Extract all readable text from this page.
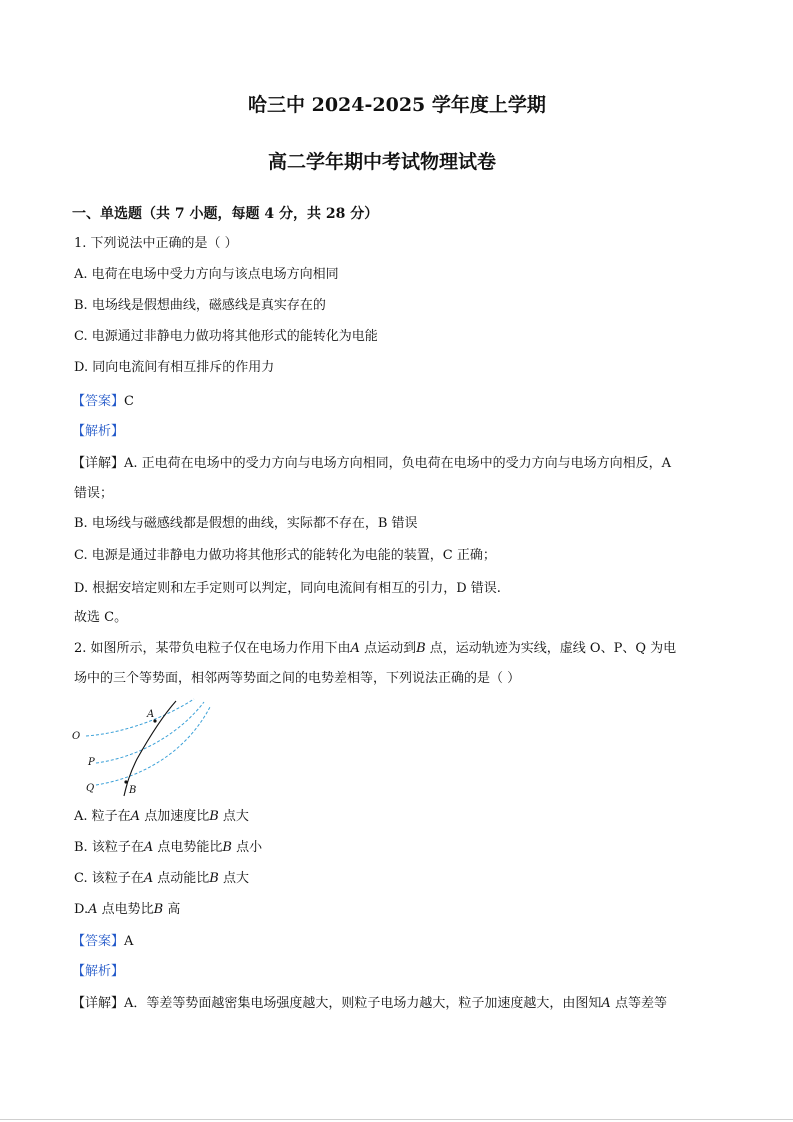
哈三中 2024-2025 学年度上学期
高二学年期中考试物理试卷
一、单选题（共 7 小题，每题 4 分，共 28 分）
1. 下列说法中正确的是（ ）
A. 电荷在电场中受力方向与该点电场方向相同
B. 电场线是假想曲线，磁感线是真实存在的
C. 电源通过非静电力做功将其他形式的能转化为电能
D. 同向电流间有相互排斥的作用力
【答案】C
【解析】
【详解】A. 正电荷在电场中的受力方向与电场方向相同，负电荷在电场中的受力方向与电场方向相反，A
错误；
B. 电场线与磁感线都是假想的曲线，实际都不存在，B 错误
C. 电源是通过非静电力做功将其他形式的能转化为电能的装置，C 正确；
D. 根据安培定则和左手定则可以判定，同向电流间有相互的引力，D 错误.
故选 C。
2. 如图所示，某带负电粒子仅在电场力作用下由A 点运动到B 点，运动轨迹为实线，虚线 O、P、Q 为电
场中的三个等势面，相邻两等势面之间的电势差相等，下列说法正确的是（ ）
A
B
O
P
Q
A. 粒子在A 点加速度比B 点大
B. 该粒子在A 点电势能比B 点小
C. 该粒子在A 点动能比B 点大
D.A 点电势比B 高
【答案】A
【解析】
【详解】A．等差等势面越密集电场强度越大，则粒子电场力越大，粒子加速度越大，由图知A 点等差等
